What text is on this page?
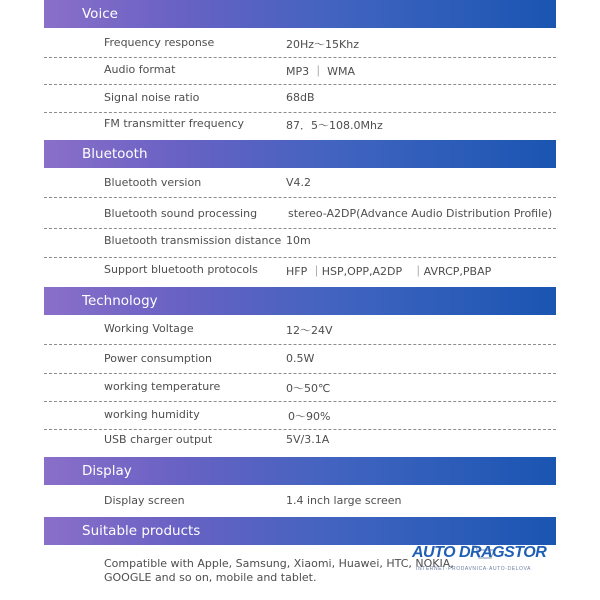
Voice
Frequency response	20Hz〜15Khz
Audio format	MP3 ｜ WMA
Signal noise ratio	68dB
FM transmitter frequency	87．5〜108.0Mhz
Bluetooth
Bluetooth version	V4.2
Bluetooth sound processing	stereo-A2DP(Advance Audio Distribution Profile)
Bluetooth transmission distance 10m
Support bluetooth protocols	HFP ｜HSP,OPP,A2DP   ｜AVRCP,PBAP
Technology
Working Voltage	12〜24V
Power consumption	0.5W
working temperature	0〜50℃
working humidity	0〜90%
USB charger output	5V/3.1A
Display
Display screen	1.4 inch large screen
Suitable products
Compatible with Apple, Samsung, Xiaomi, Huawei, HTC, NOKIA,
GOOGLE and so on, mobile and tablet.
AUTO DRAGSTOR
INTERNET·PRODAVNICA·AUTO·DELOVA
